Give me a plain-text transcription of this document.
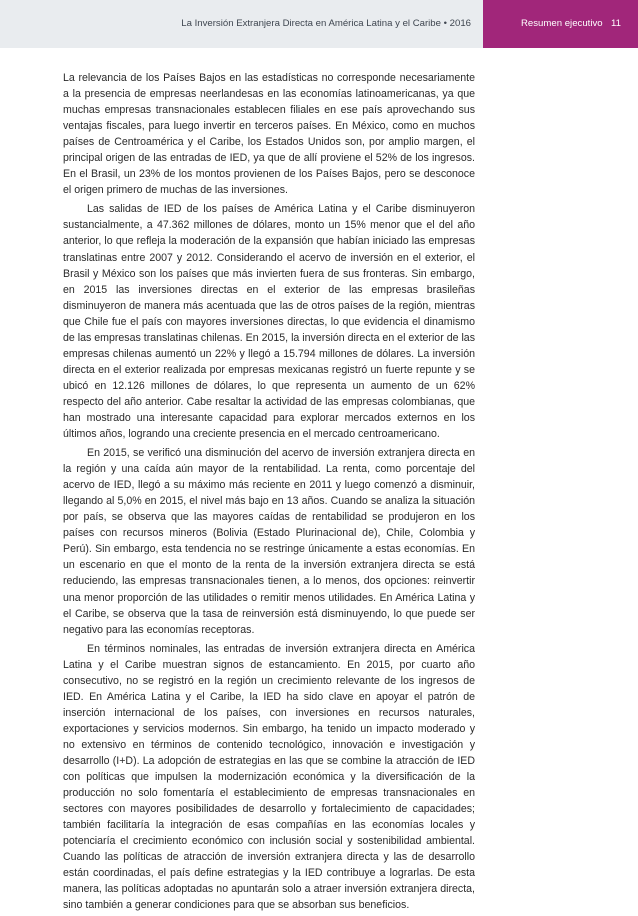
La Inversión Extranjera Directa en América Latina y el Caribe • 2016	Resumen ejecutivo 11

La relevancia de los Países Bajos en las estadísticas no corresponde necesariamente a la presencia de empresas neerlandesas en las economías latinoamericanas, ya que muchas empresas transnacionales establecen filiales en ese país aprovechando sus ventajas fiscales, para luego invertir en terceros países. En México, como en muchos países de Centroamérica y el Caribe, los Estados Unidos son, por amplio margen, el principal origen de las entradas de IED, ya que de allí proviene el 52% de los ingresos. En el Brasil, un 23% de los montos provienen de los Países Bajos, pero se desconoce el origen primero de muchas de las inversiones.

Las salidas de IED de los países de América Latina y el Caribe disminuyeron sustancialmente, a 47.362 millones de dólares, monto un 15% menor que el del año anterior, lo que refleja la moderación de la expansión que habían iniciado las empresas translatinas entre 2007 y 2012. Considerando el acervo de inversión en el exterior, el Brasil y México son los países que más invierten fuera de sus fronteras. Sin embargo, en 2015 las inversiones directas en el exterior de las empresas brasileñas disminuyeron de manera más acentuada que las de otros países de la región, mientras que Chile fue el país con mayores inversiones directas, lo que evidencia el dinamismo de las empresas translatinas chilenas. En 2015, la inversión directa en el exterior de las empresas chilenas aumentó un 22% y llegó a 15.794 millones de dólares. La inversión directa en el exterior realizada por empresas mexicanas registró un fuerte repunte y se ubicó en 12.126 millones de dólares, lo que representa un aumento de un 62% respecto del año anterior. Cabe resaltar la actividad de las empresas colombianas, que han mostrado una interesante capacidad para explorar mercados externos en los últimos años, logrando una creciente presencia en el mercado centroamericano.

En 2015, se verificó una disminución del acervo de inversión extranjera directa en la región y una caída aún mayor de la rentabilidad. La renta, como porcentaje del acervo de IED, llegó a su máximo más reciente en 2011 y luego comenzó a disminuir, llegando al 5,0% en 2015, el nivel más bajo en 13 años. Cuando se analiza la situación por país, se observa que las mayores caídas de rentabilidad se produjeron en los países con recursos mineros (Bolivia (Estado Plurinacional de), Chile, Colombia y Perú). Sin embargo, esta tendencia no se restringe únicamente a estas economías. En un escenario en que el monto de la renta de la inversión extranjera directa se está reduciendo, las empresas transnacionales tienen, a lo menos, dos opciones: reinvertir una menor proporción de las utilidades o remitir menos utilidades. En América Latina y el Caribe, se observa que la tasa de reinversión está disminuyendo, lo que puede ser negativo para las economías receptoras.

En términos nominales, las entradas de inversión extranjera directa en América Latina y el Caribe muestran signos de estancamiento. En 2015, por cuarto año consecutivo, no se registró en la región un crecimiento relevante de los ingresos de IED. En América Latina y el Caribe, la IED ha sido clave en apoyar el patrón de inserción internacional de los países, con inversiones en recursos naturales, exportaciones y servicios modernos. Sin embargo, ha tenido un impacto moderado y no extensivo en términos de contenido tecnológico, innovación e investigación y desarrollo (I+D). La adopción de estrategias en las que se combine la atracción de IED con políticas que impulsen la modernización económica y la diversificación de la producción no solo fomentaría el establecimiento de empresas transnacionales en sectores con mayores posibilidades de desarrollo y fortalecimiento de capacidades; también facilitaría la integración de esas compañías en las economías locales y potenciaría el crecimiento económico con inclusión social y sostenibilidad ambiental. Cuando las políticas de atracción de inversión extranjera directa y las de desarrollo están coordinadas, el país define estrategias y la IED contribuye a lograrlas. De esta manera, las políticas adoptadas no apuntarán solo a atraer inversión extranjera directa, sino también a generar condiciones para que se absorban sus beneficios.
